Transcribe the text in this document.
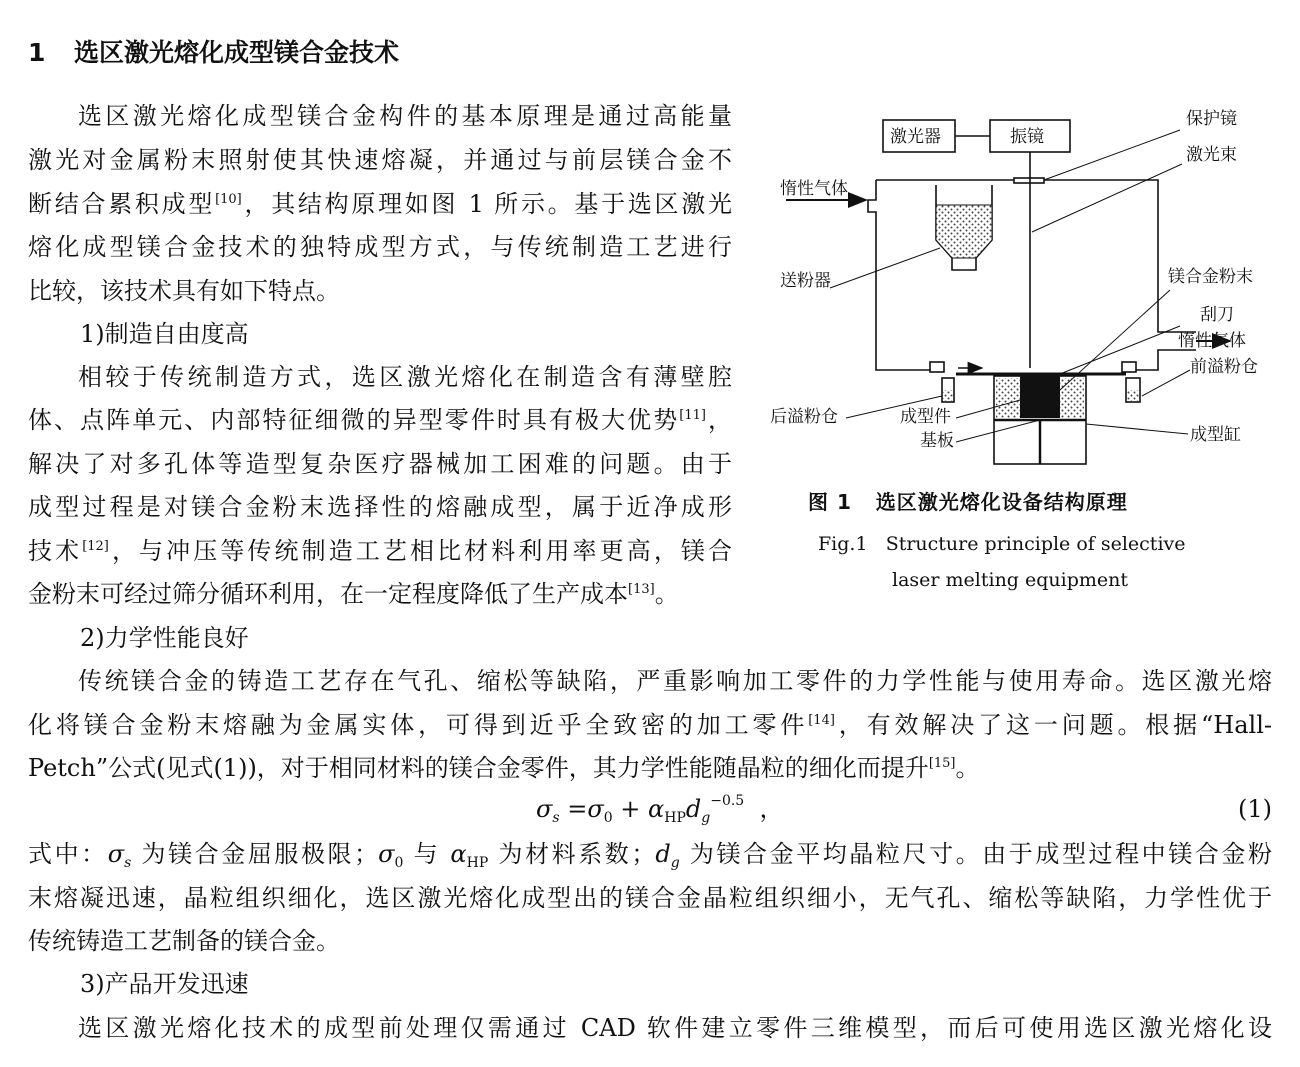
1 选区激光熔化成型镁合金技术
选区激光熔化成型镁合金构件的基本原理是通过高能量
激光对金属粉末照射使其快速熔凝，并通过与前层镁合金不
断结合累积成型[10]，其结构原理如图 1 所示。基于选区激光
熔化成型镁合金技术的独特成型方式，与传统制造工艺进行
比较，该技术具有如下特点。
1)制造自由度高
相较于传统制造方式，选区激光熔化在制造含有薄壁腔
体、点阵单元、内部特征细微的异型零件时具有极大优势[11]，
解决了对多孔体等造型复杂医疗器械加工困难的问题。由于
成型过程是对镁合金粉末选择性的熔融成型，属于近净成形
技术[12]，与冲压等传统制造工艺相比材料利用率更高，镁合
金粉末可经过筛分循环利用，在一定程度降低了生产成本[13]。
激光器	振镜
保护镜
激光束
惰性气体
送粉器	镁合金粉末
刮刀
惰性气体
前溢粉仓
后溢粉仓	成型件
基板	成型缸
图 1 选区激光熔化设备结构原理
Fig.1 Structure principle of selective
laser melting equipment
2)力学性能良好
传统镁合金的铸造工艺存在气孔、缩松等缺陷，严重影响加工零件的力学性能与使用寿命。选区激光熔
化将镁合金粉末熔融为金属实体，可得到近乎全致密的加工零件[14]，有效解决了这一问题。根据“Hall-
Petch”公式(见式(1))，对于相同材料的镁合金零件，其力学性能随晶粒的细化而提升[15]。
$\sigma_s =\sigma_0 + \alpha_{HP}d_g^{-0.5}$  ，	(1)
式中：$\sigma_s$ 为镁合金屈服极限；$\sigma_0$ 与 $\alpha_{HP}$ 为材料系数；$d_g$ 为镁合金平均晶粒尺寸。由于成型过程中镁合金粉
末熔凝迅速，晶粒组织细化，选区激光熔化成型出的镁合金晶粒组织细小，无气孔、缩松等缺陷，力学性优于
传统铸造工艺制备的镁合金。
3)产品开发迅速
选区激光熔化技术的成型前处理仅需通过 CAD 软件建立零件三维模型，而后可使用选区激光熔化设
